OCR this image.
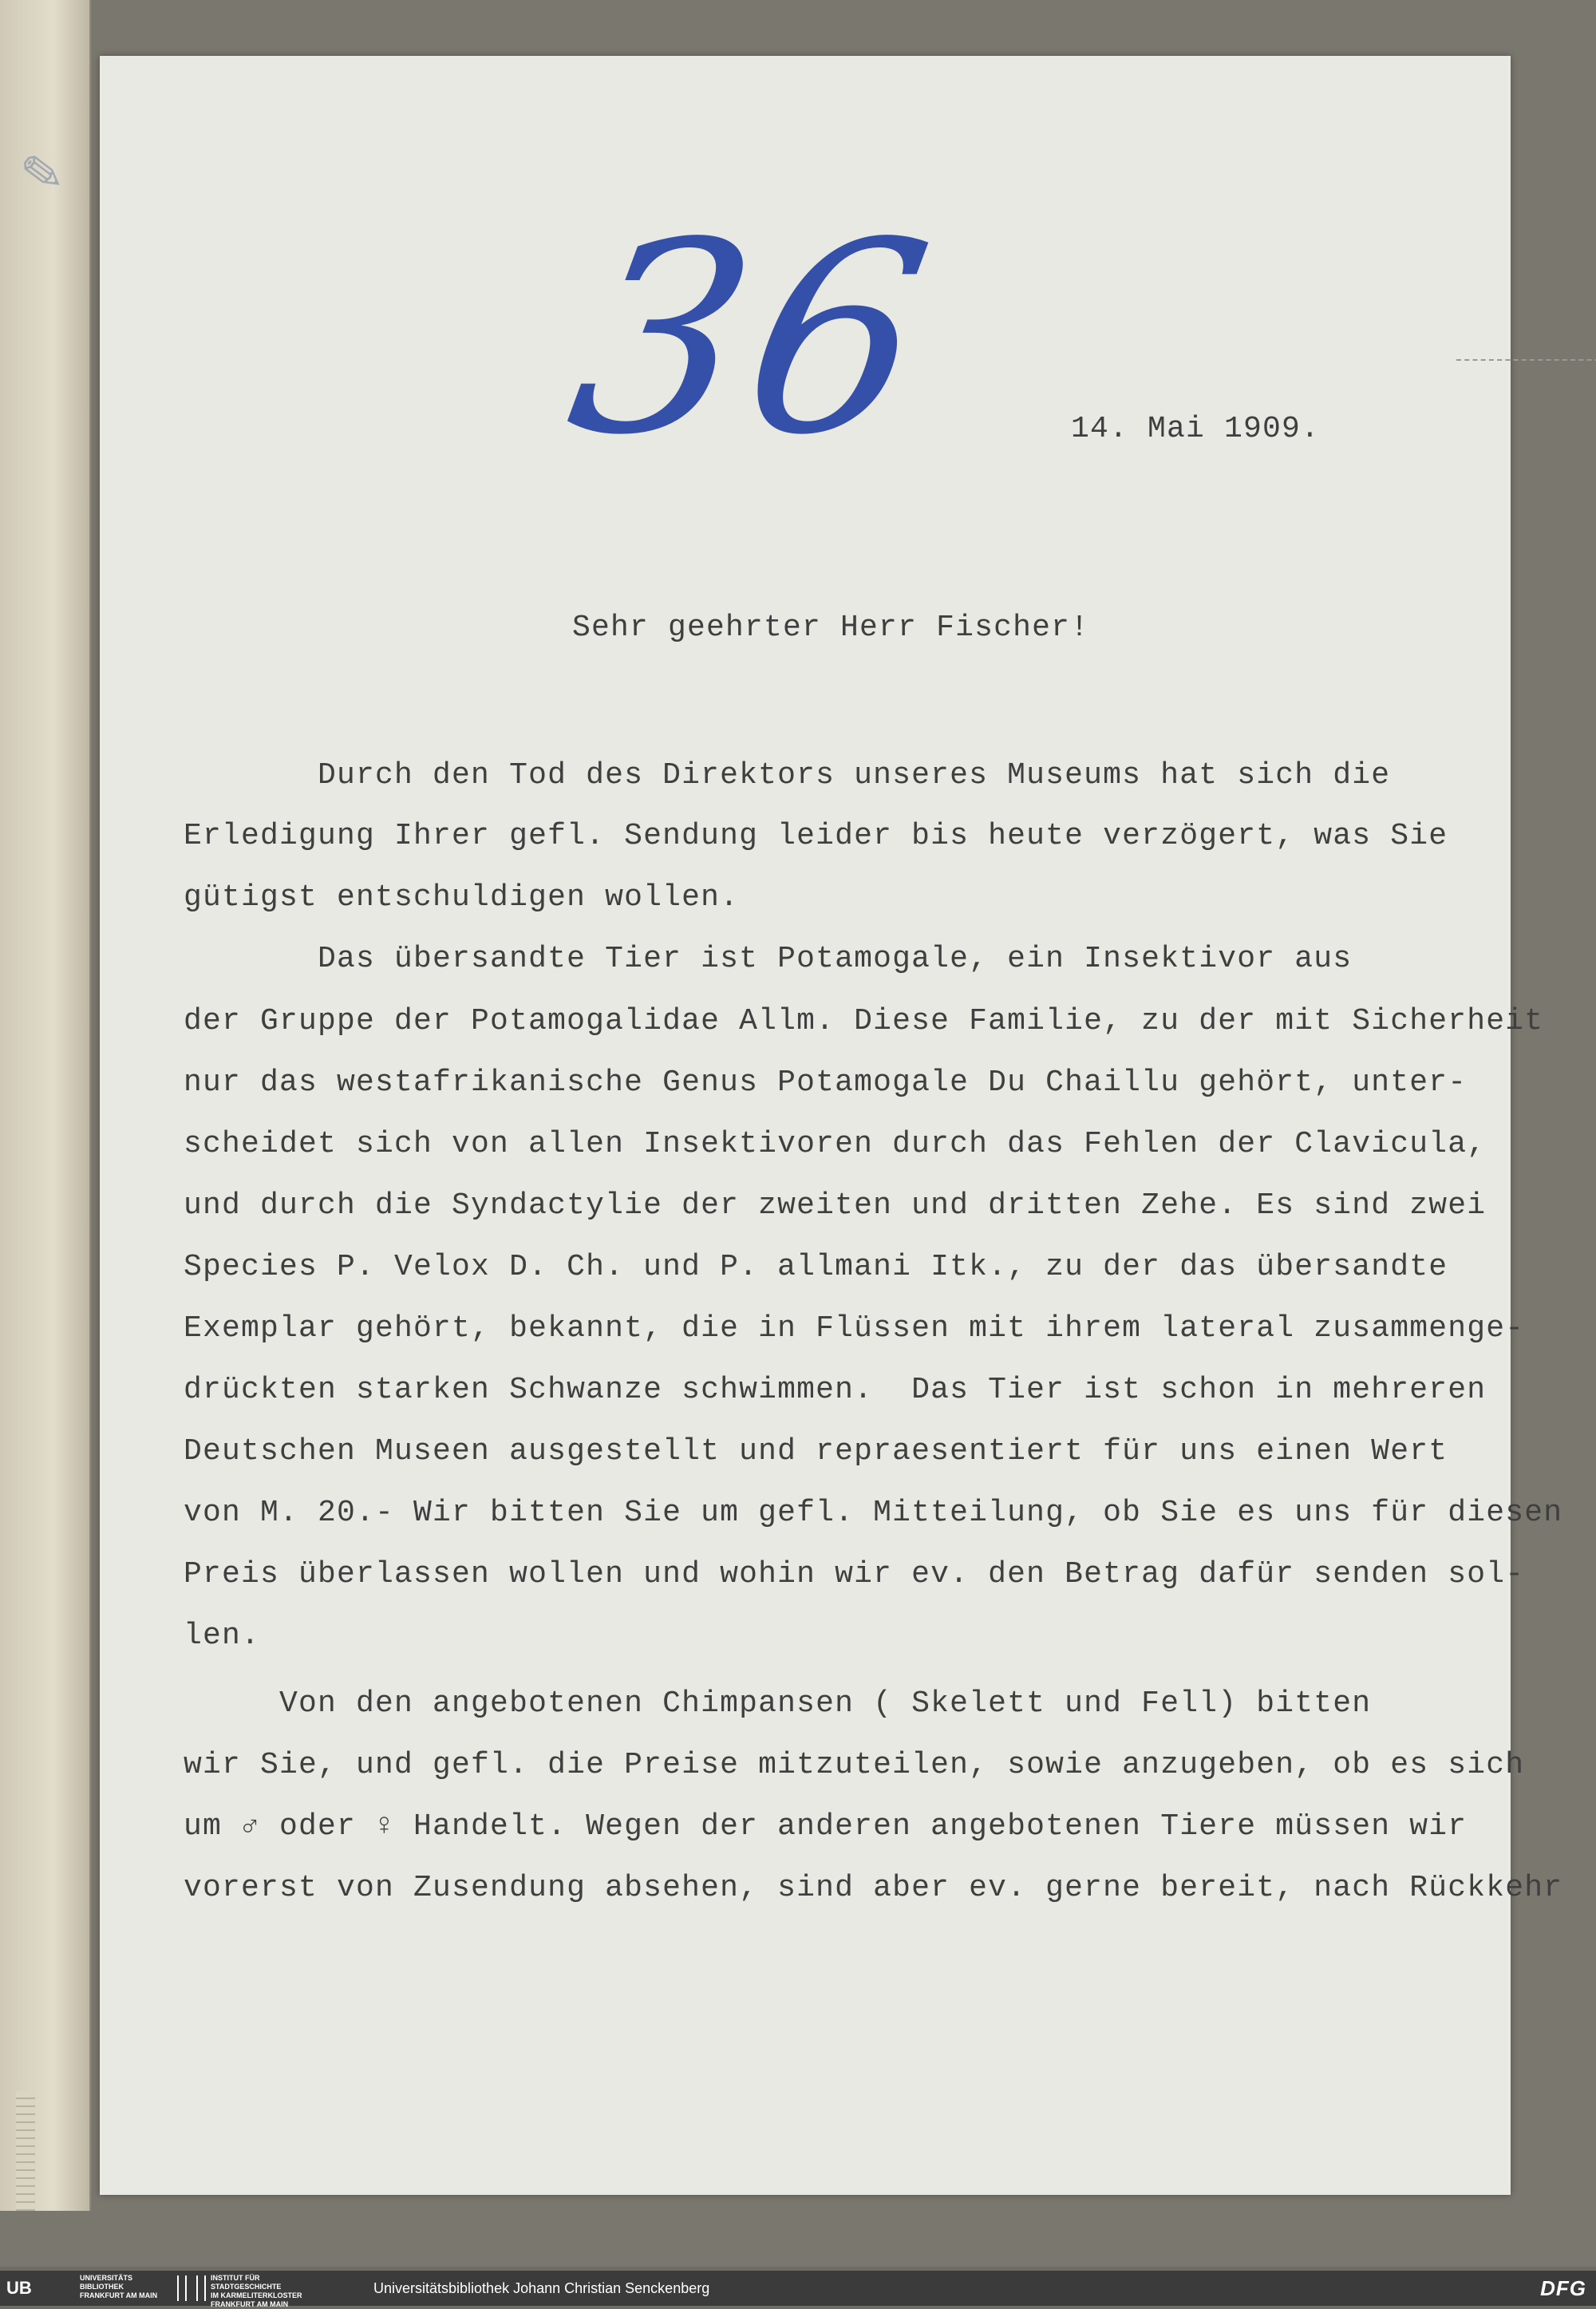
✎
36	14. Mai 1909.
Sehr geehrter Herr Fischer!
Durch den Tod des Direktors unseres Museums hat sich die
Erledigung Ihrer gefl. Sendung leider bis heute verzögert, was Sie
gütigst entschuldigen wollen.
Das übersandte Tier ist Potamogale, ein Insektivor aus
der Gruppe der Potamogalidae Allm. Diese Familie, zu der mit Sicherheit
nur das westafrikanische Genus Potamogale Du Chaillu gehört, unter-
scheidet sich von allen Insektivoren durch das Fehlen der Clavicula,
und durch die Syndactylie der zweiten und dritten Zehe. Es sind zwei
Species P. Velox D. Ch. und P. allmani Itk., zu der das übersandte
Exemplar gehört, bekannt, die in Flüssen mit ihrem lateral zusammenge-
drückten starken Schwanze schwimmen.  Das Tier ist schon in mehreren
Deutschen Museen ausgestellt und repraesentiert für uns einen Wert
von M. 20.- Wir bitten Sie um gefl. Mitteilung, ob Sie es uns für diesen
Preis überlassen wollen und wohin wir ev. den Betrag dafür senden sol-
len.
Von den angebotenen Chimpansen ( Skelett und Fell) bitten
wir Sie, und gefl. die Preise mitzuteilen, sowie anzugeben, ob es sich
um ♂ oder ♀ Handelt. Wegen der anderen angebotenen Tiere müssen wir
vorerst von Zusendung absehen, sind aber ev. gerne bereit, nach Rückkehr
UB	UNIVERSITÄTS
BIBLIOTHEK
FRANKFURT AM MAIN
INSTITUT FÜR
STADTGESCHICHTE
IM KARMELITERKLOSTER
FRANKFURT AM MAIN
Universitätsbibliothek Johann Christian Senckenberg	DFG
